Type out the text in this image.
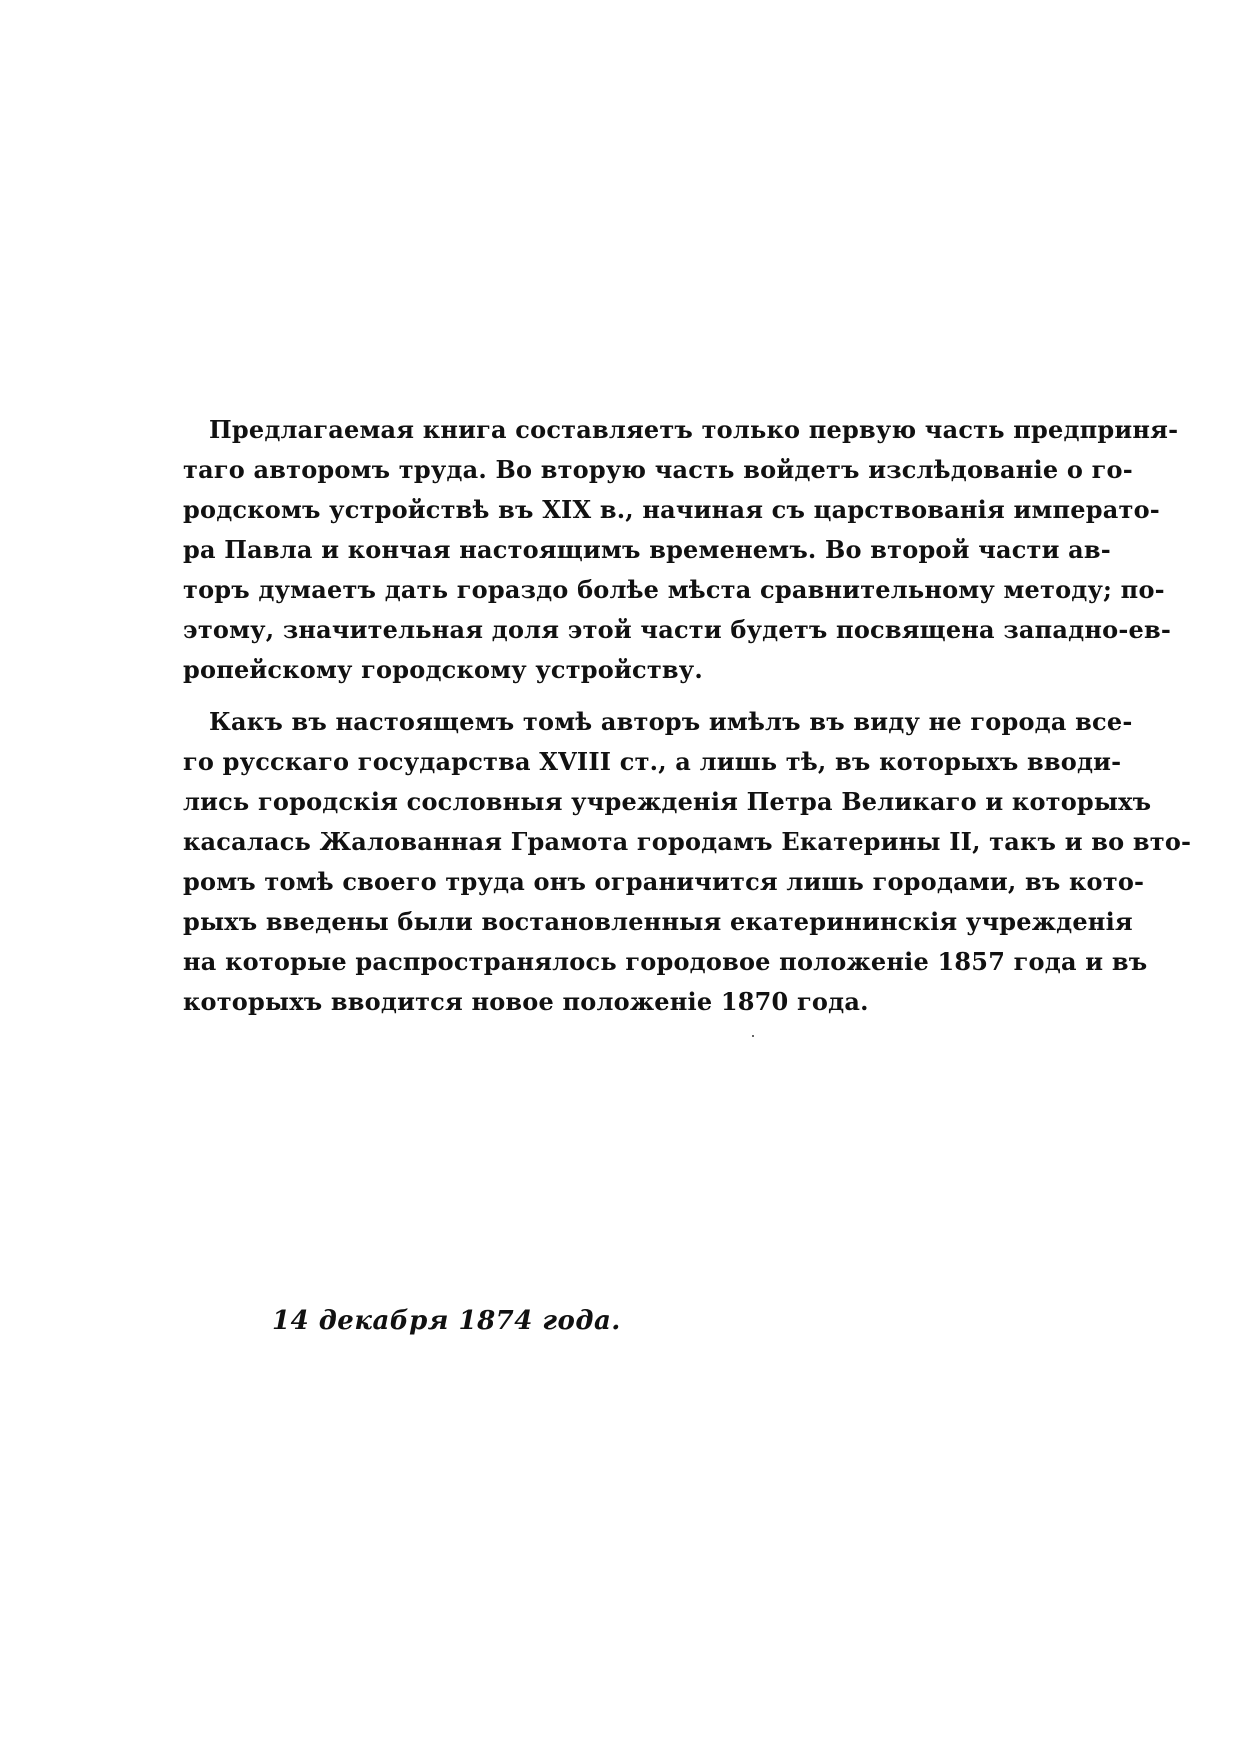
Предлагаемая книга составляетъ только первую часть предприня-
таго авторомъ труда. Во вторую часть войдетъ изслѣдованіе о го-
родскомъ устройствѣ въ XIX в., начиная съ царствованія императо-
ра Павла и кончая настоящимъ временемъ. Во второй части ав-
торъ думаетъ дать гораздо болѣе мѣста сравнительному методу; по-
этому, значительная доля этой части будетъ посвящена западно-ев-
ропейскому городскому устройству.
Какъ въ настоящемъ томѣ авторъ имѣлъ въ виду не города все-
го русскаго государства XVIII ст., а лишь тѣ, въ которыхъ вводи-
лись городскія сословныя учрежденія Петра Великаго и которыхъ
касалась Жалованная Грамота городамъ Екатерины II, такъ и во вто-
ромъ томѣ своего труда онъ ограничится лишь городами, въ кото-
рыхъ введены были востановленныя екатерининскія учрежденія
на которые распространялось городовое положеніе 1857 года и въ
которыхъ вводится новое положеніе 1870 года.
14 декабря 1874 года.
